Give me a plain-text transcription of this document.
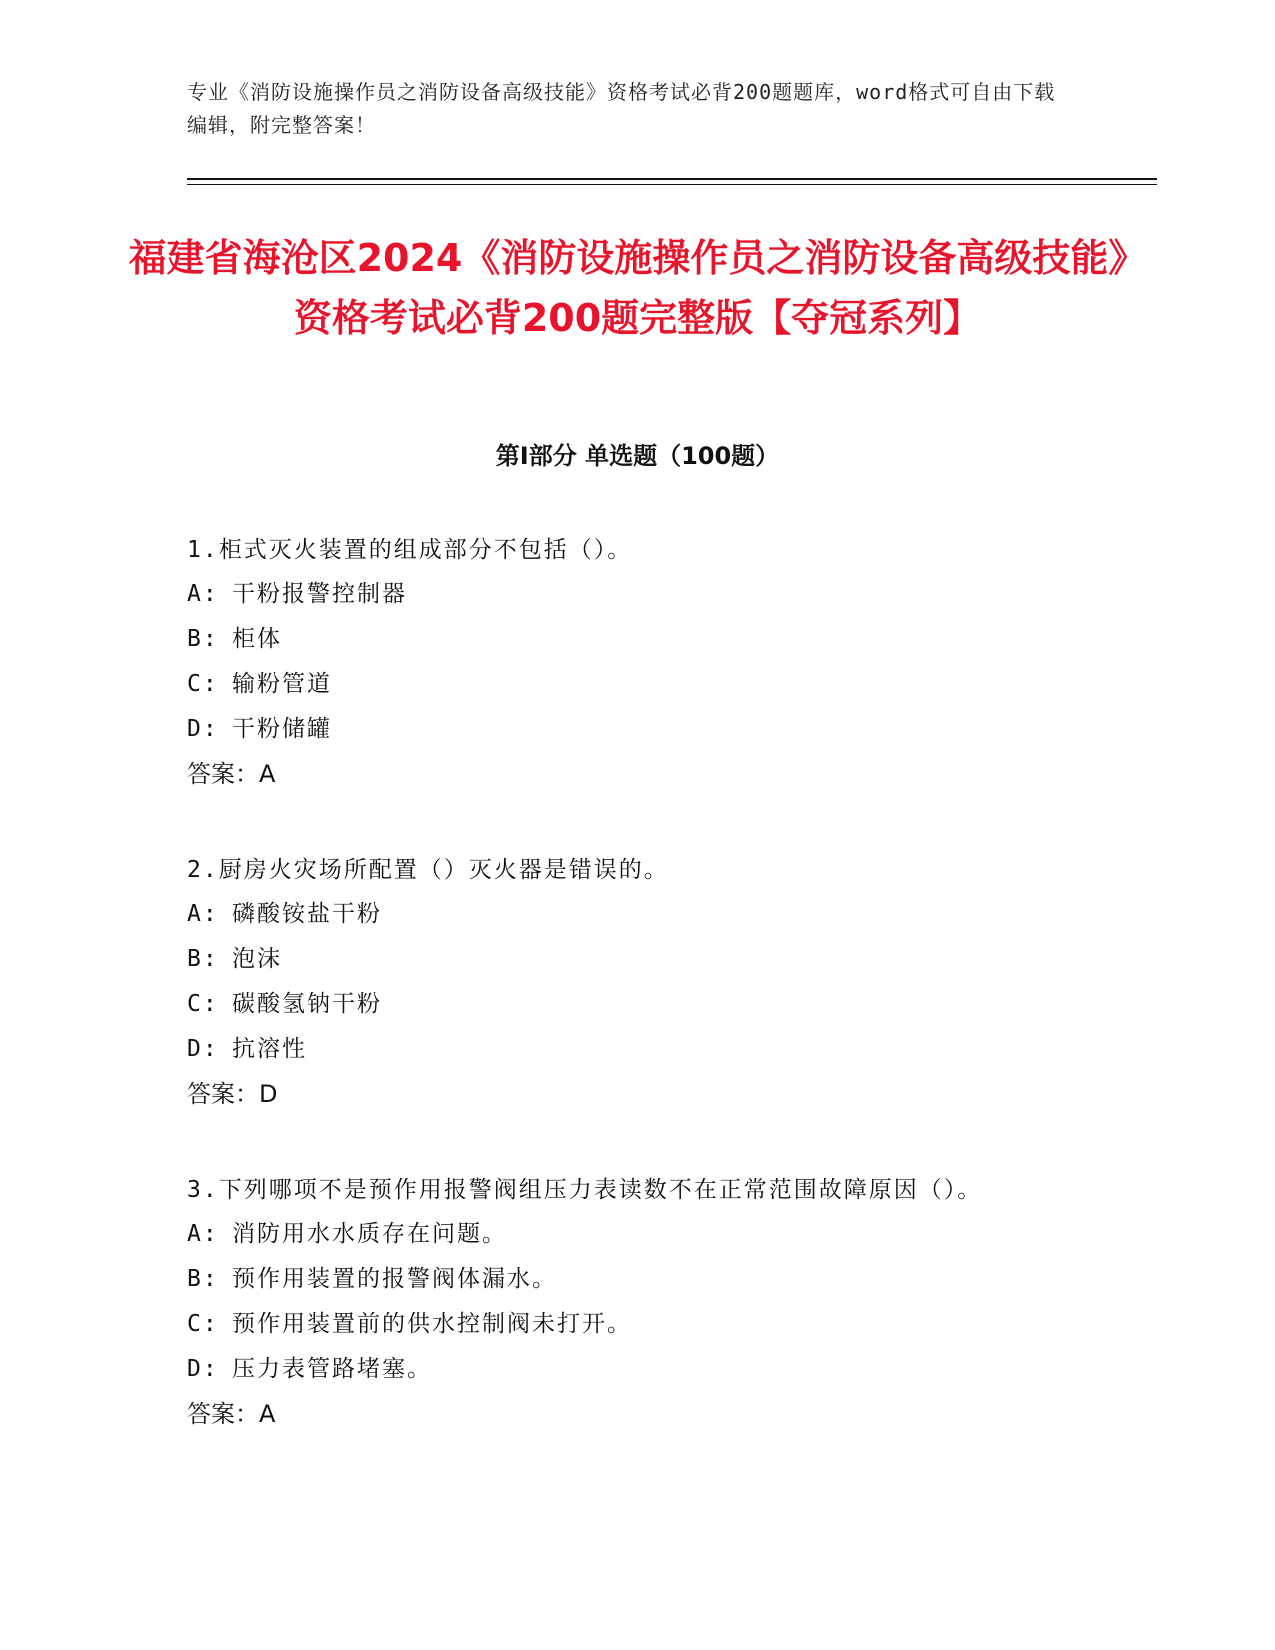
专业《消防设施操作员之消防设备高级技能》资格考试必背200题题库，word格式可自由下载编辑，附完整答案！
福建省海沧区2024《消防设施操作员之消防设备高级技能》资格考试必背200题完整版【夺冠系列】
第Ⅰ部分 单选题（100题）
1.柜式灭火装置的组成部分不包括（）。
A: 干粉报警控制器
B: 柜体
C: 输粉管道
D: 干粉储罐
答案：A
2.厨房火灾场所配置（）灭火器是错误的。
A: 磷酸铵盐干粉
B: 泡沫
C: 碳酸氢钠干粉
D: 抗溶性
答案：D
3.下列哪项不是预作用报警阀组压力表读数不在正常范围故障原因（）。
A: 消防用水水质存在问题。
B: 预作用装置的报警阀体漏水。
C: 预作用装置前的供水控制阀未打开。
D: 压力表管路堵塞。
答案：A
